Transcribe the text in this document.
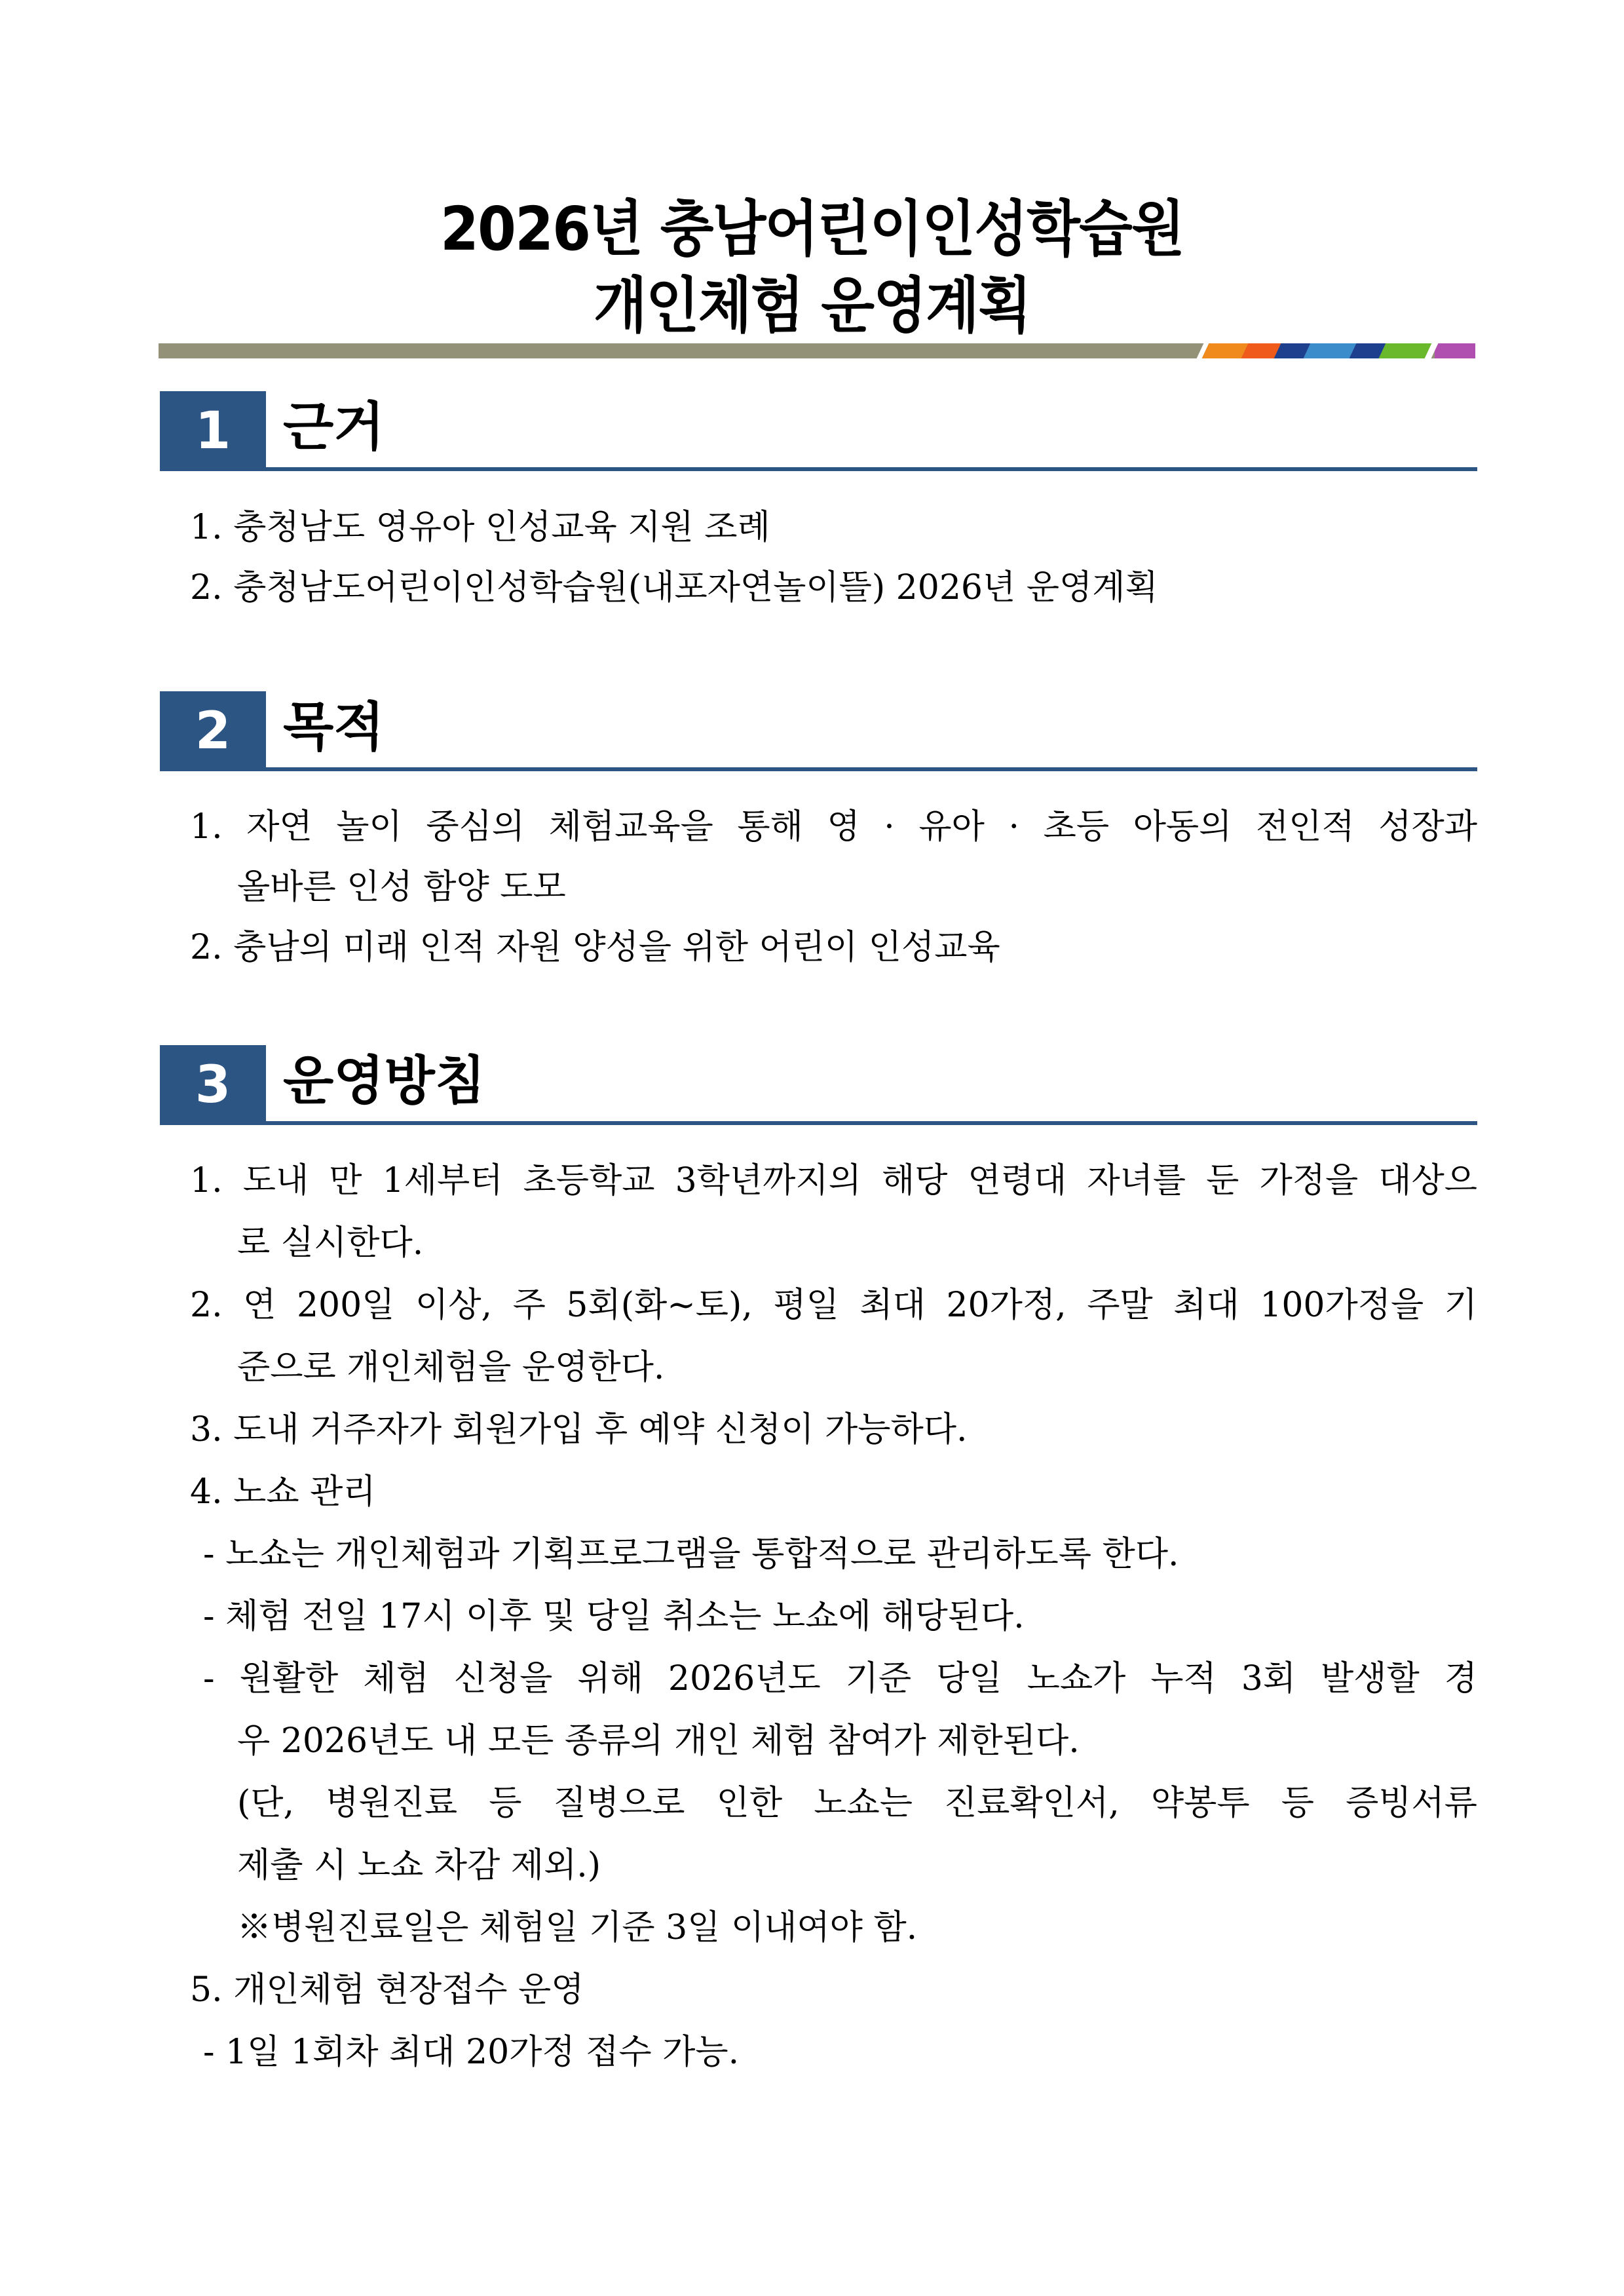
2026년 충남어린이인성학습원
개인체험 운영계획
1 근거
1. 충청남도 영유아 인성교육 지원 조례
2. 충청남도어린이인성학습원(내포자연놀이뜰) 2026년 운영계획
2 목적
1. 자연 놀이 중심의 체험교육을 통해 영 · 유아 · 초등 아동의 전인적 성장과
올바른 인성 함양 도모
2. 충남의 미래 인적 자원 양성을 위한 어린이 인성교육
3 운영방침
1. 도내 만 1세부터 초등학교 3학년까지의 해당 연령대 자녀를 둔 가정을 대상으
로 실시한다.
2. 연 200일 이상, 주 5회(화~토), 평일 최대 20가정, 주말 최대 100가정을 기
준으로 개인체험을 운영한다.
3. 도내 거주자가 회원가입 후 예약 신청이 가능하다.
4. 노쇼 관리
- 노쇼는 개인체험과 기획프로그램을 통합적으로 관리하도록 한다.
- 체험 전일 17시 이후 및 당일 취소는 노쇼에 해당된다.
- 원활한 체험 신청을 위해 2026년도 기준 당일 노쇼가 누적 3회 발생할 경
우 2026년도 내 모든 종류의 개인 체험 참여가 제한된다.
(단, 병원진료 등 질병으로 인한 노쇼는 진료확인서, 약봉투 등 증빙서류
제출 시 노쇼 차감 제외.)
※병원진료일은 체험일 기준 3일 이내여야 함.
5. 개인체험 현장접수 운영
- 1일 1회차 최대 20가정 접수 가능.
